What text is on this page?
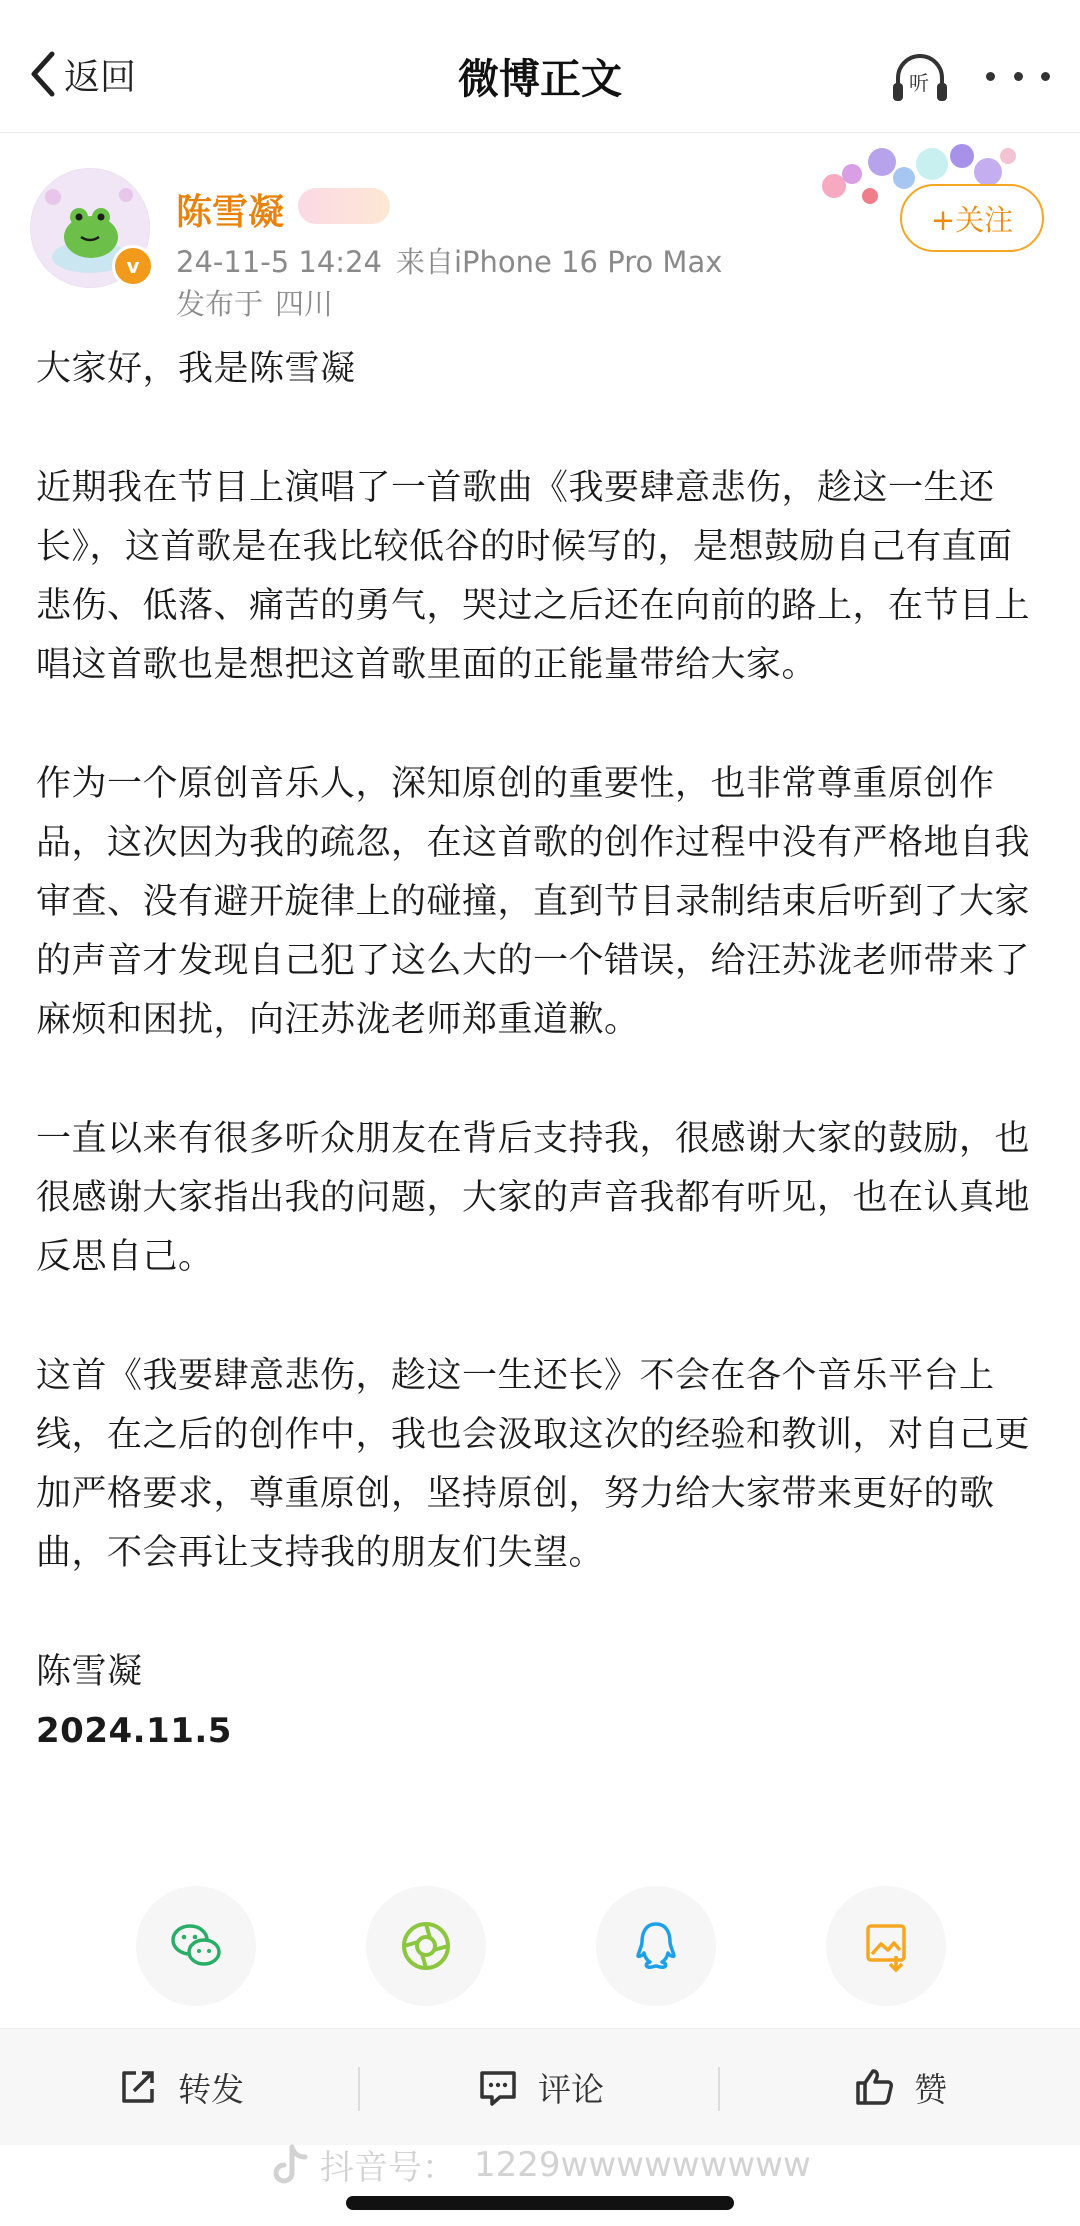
返回	微博正文	听
v
陈雪凝
24-11-5 14:24 来自iPhone 16 Pro Max
发布于 四川
+关注

大家好，我是陈雪凝

近期我在节目上演唱了一首歌曲《我要肆意悲伤，趁这一生还长》，这首歌是在我比较低谷的时候写的，是想鼓励自己有直面悲伤、低落、痛苦的勇气，哭过之后还在向前的路上，在节目上唱这首歌也是想把这首歌里面的正能量带给大家。

作为一个原创音乐人，深知原创的重要性，也非常尊重原创作品，这次因为我的疏忽，在这首歌的创作过程中没有严格地自我审查、没有避开旋律上的碰撞，直到节目录制结束后听到了大家的声音才发现自己犯了这么大的一个错误，给汪苏泷老师带来了麻烦和困扰，向汪苏泷老师郑重道歉。

一直以来有很多听众朋友在背后支持我，很感谢大家的鼓励，也很感谢大家指出我的问题，大家的声音我都有听见，也在认真地反思自己。

这首《我要肆意悲伤，趁这一生还长》不会在各个音乐平台上线，在之后的创作中，我也会汲取这次的经验和教训，对自己更加严格要求，尊重原创，坚持原创，努力给大家带来更好的歌曲，不会再让支持我的朋友们失望。

陈雪凝

2024.11.5

转发	评论	赞
抖音号： 1229wwwwwwwww
